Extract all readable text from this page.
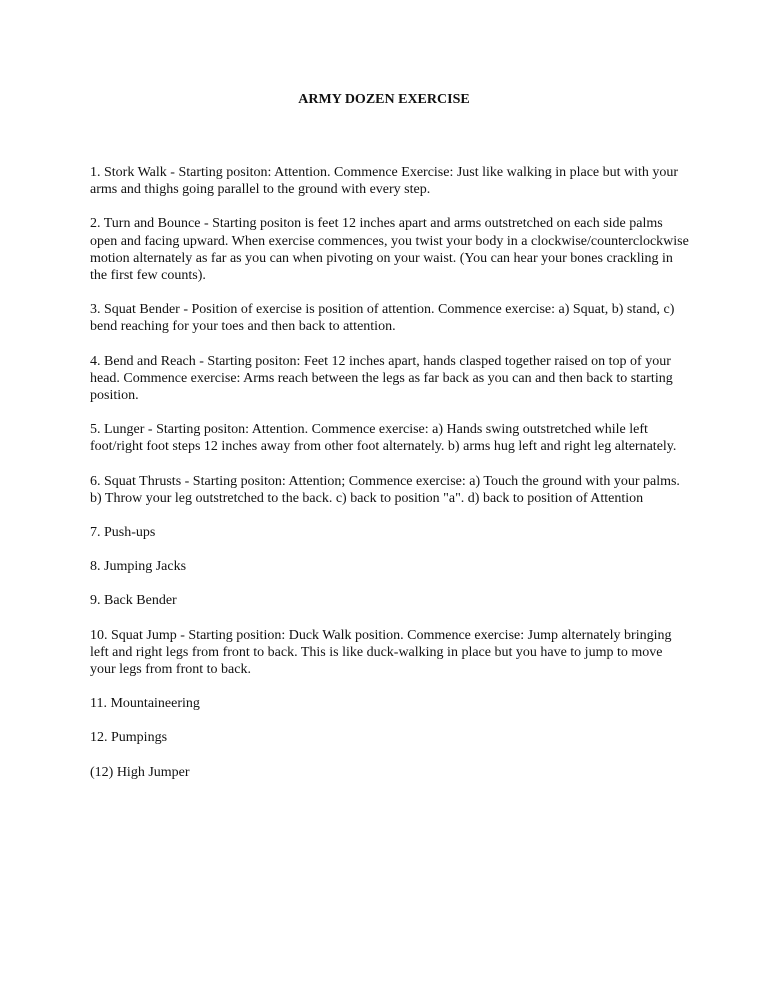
ARMY DOZEN EXERCISE

1. Stork Walk - Starting positon: Attention. Commence Exercise: Just like walking in place but with your arms and thighs going parallel to the ground with every step.

2. Turn and Bounce - Starting positon is feet 12 inches apart and arms outstretched on each side palms open and facing upward. When exercise commences, you twist your body in a clockwise/counterclockwise motion alternately as far as you can when pivoting on your waist. (You can hear your bones crackling in the first few counts).

3. Squat Bender - Position of exercise is position of attention. Commence exercise: a) Squat, b) stand, c) bend reaching for your toes and then back to attention.

4. Bend and Reach - Starting positon: Feet 12 inches apart, hands clasped together raised on top of your head. Commence exercise: Arms reach between the legs as far back as you can and then back to starting position.

5. Lunger - Starting positon: Attention. Commence exercise: a) Hands swing outstretched while left foot/right foot steps 12 inches away from other foot alternately. b) arms hug left and right leg alternately.

6. Squat Thrusts - Starting positon: Attention; Commence exercise: a) Touch the ground with your palms. b) Throw your leg outstretched to the back. c) back to position "a". d) back to position of Attention

7. Push-ups

8. Jumping Jacks

9. Back Bender

10. Squat Jump - Starting position: Duck Walk position. Commence exercise: Jump alternately bringing left and right legs from front to back. This is like duck-walking in place but you have to jump to move your legs from front to back.

11. Mountaineering

12. Pumpings

(12) High Jumper
